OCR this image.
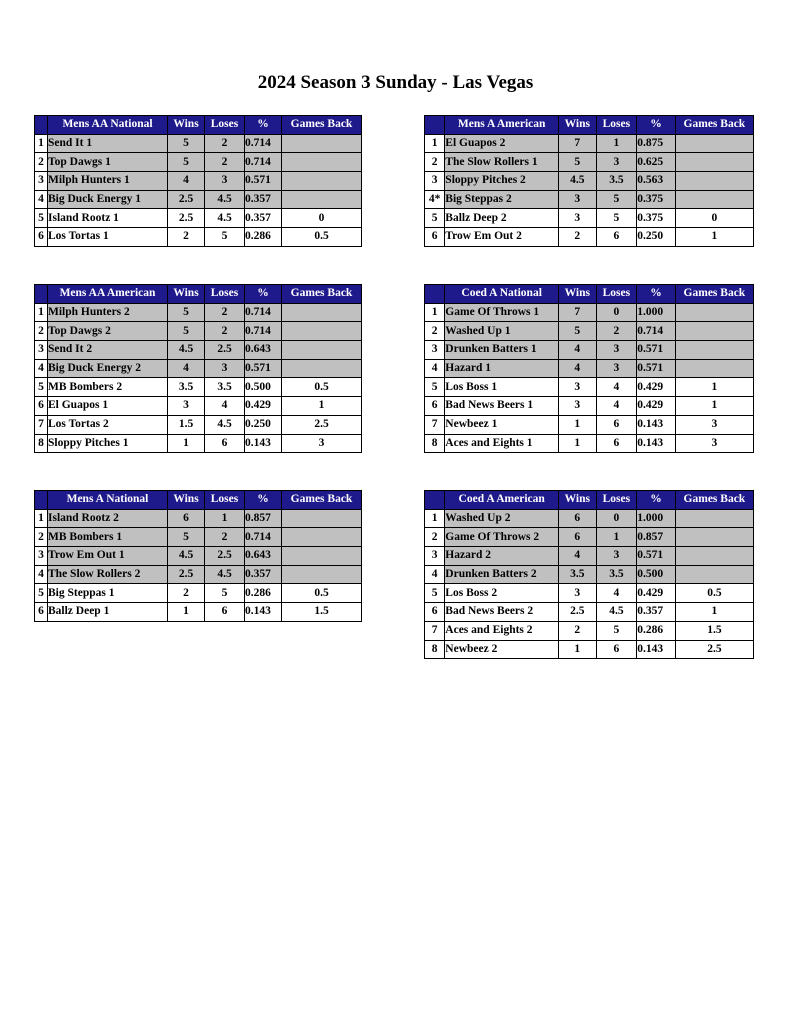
2024 Season 3 Sunday - Las Vegas
	Mens AA National	Wins	Loses	%	Games Back
1	Send It 1	5	2	0.714	
2	Top Dawgs 1	5	2	0.714	
3	Milph Hunters 1	4	3	0.571	
4	Big Duck Energy 1	2.5	4.5	0.357	
5	Island Rootz 1	2.5	4.5	0.357	0
6	Los Tortas 1	2	5	0.286	0.5
	Mens A American	Wins	Loses	%	Games Back
1	El Guapos 2	7	1	0.875	
2	The Slow Rollers 1	5	3	0.625	
3	Sloppy Pitches 2	4.5	3.5	0.563	
4*	Big Steppas 2	3	5	0.375	
5	Ballz Deep 2	3	5	0.375	0
6	Trow Em Out 2	2	6	0.250	1
	Mens AA American	Wins	Loses	%	Games Back
1	Milph Hunters 2	5	2	0.714	
2	Top Dawgs 2	5	2	0.714	
3	Send It 2	4.5	2.5	0.643	
4	Big Duck Energy 2	4	3	0.571	
5	MB Bombers 2	3.5	3.5	0.500	0.5
6	El Guapos 1	3	4	0.429	1
7	Los Tortas 2	1.5	4.5	0.250	2.5
8	Sloppy Pitches 1	1	6	0.143	3
	Coed A National	Wins	Loses	%	Games Back
1	Game Of Throws 1	7	0	1.000	
2	Washed Up 1	5	2	0.714	
3	Drunken Batters 1	4	3	0.571	
4	Hazard 1	4	3	0.571	
5	Los Boss 1	3	4	0.429	1
6	Bad News Beers 1	3	4	0.429	1
7	Newbeez 1	1	6	0.143	3
8	Aces and Eights 1	1	6	0.143	3
	Mens A National	Wins	Loses	%	Games Back
1	Island Rootz 2	6	1	0.857	
2	MB Bombers 1	5	2	0.714	
3	Trow Em Out 1	4.5	2.5	0.643	
4	The Slow Rollers 2	2.5	4.5	0.357	
5	Big Steppas 1	2	5	0.286	0.5
6	Ballz Deep 1	1	6	0.143	1.5
	Coed A American	Wins	Loses	%	Games Back
1	Washed Up 2	6	0	1.000	
2	Game Of Throws 2	6	1	0.857	
3	Hazard 2	4	3	0.571	
4	Drunken Batters 2	3.5	3.5	0.500	
5	Los Boss 2	3	4	0.429	0.5
6	Bad News Beers 2	2.5	4.5	0.357	1
7	Aces and Eights 2	2	5	0.286	1.5
8	Newbeez 2	1	6	0.143	2.5
